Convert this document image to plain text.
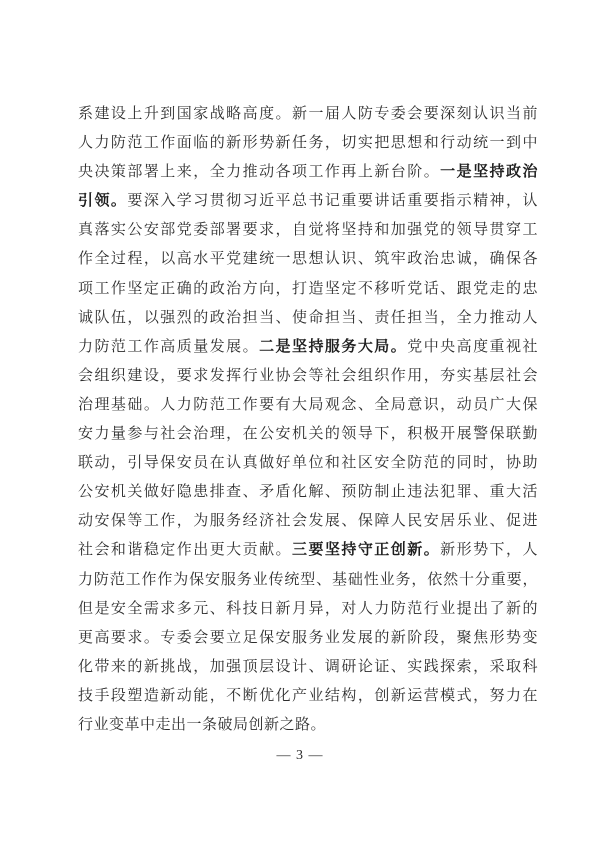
系建设上升到国家战略高度。新一届人防专委会要深刻认识当前
人力防范工作面临的新形势新任务，切实把思想和行动统一到中
央决策部署上来，全力推动各项工作再上新台阶。一是坚持政治
引领。要深入学习贯彻习近平总书记重要讲话重要指示精神，认
真落实公安部党委部署要求，自觉将坚持和加强党的领导贯穿工
作全过程，以高水平党建统一思想认识、筑牢政治忠诚，确保各
项工作坚定正确的政治方向，打造坚定不移听党话、跟党走的忠
诚队伍，以强烈的政治担当、使命担当、责任担当，全力推动人
力防范工作高质量发展。二是坚持服务大局。党中央高度重视社
会组织建设，要求发挥行业协会等社会组织作用，夯实基层社会
治理基础。人力防范工作要有大局观念、全局意识，动员广大保
安力量参与社会治理，在公安机关的领导下，积极开展警保联勤
联动，引导保安员在认真做好单位和社区安全防范的同时，协助
公安机关做好隐患排查、矛盾化解、预防制止违法犯罪、重大活
动安保等工作，为服务经济社会发展、保障人民安居乐业、促进
社会和谐稳定作出更大贡献。三要坚持守正创新。新形势下，人
力防范工作作为保安服务业传统型、基础性业务，依然十分重要，
但是安全需求多元、科技日新月异，对人力防范行业提出了新的
更高要求。专委会要立足保安服务业发展的新阶段，聚焦形势变
化带来的新挑战，加强顶层设计、调研论证、实践探索，采取科
技手段塑造新动能，不断优化产业结构，创新运营模式，努力在
行业变革中走出一条破局创新之路。
— 3 —
